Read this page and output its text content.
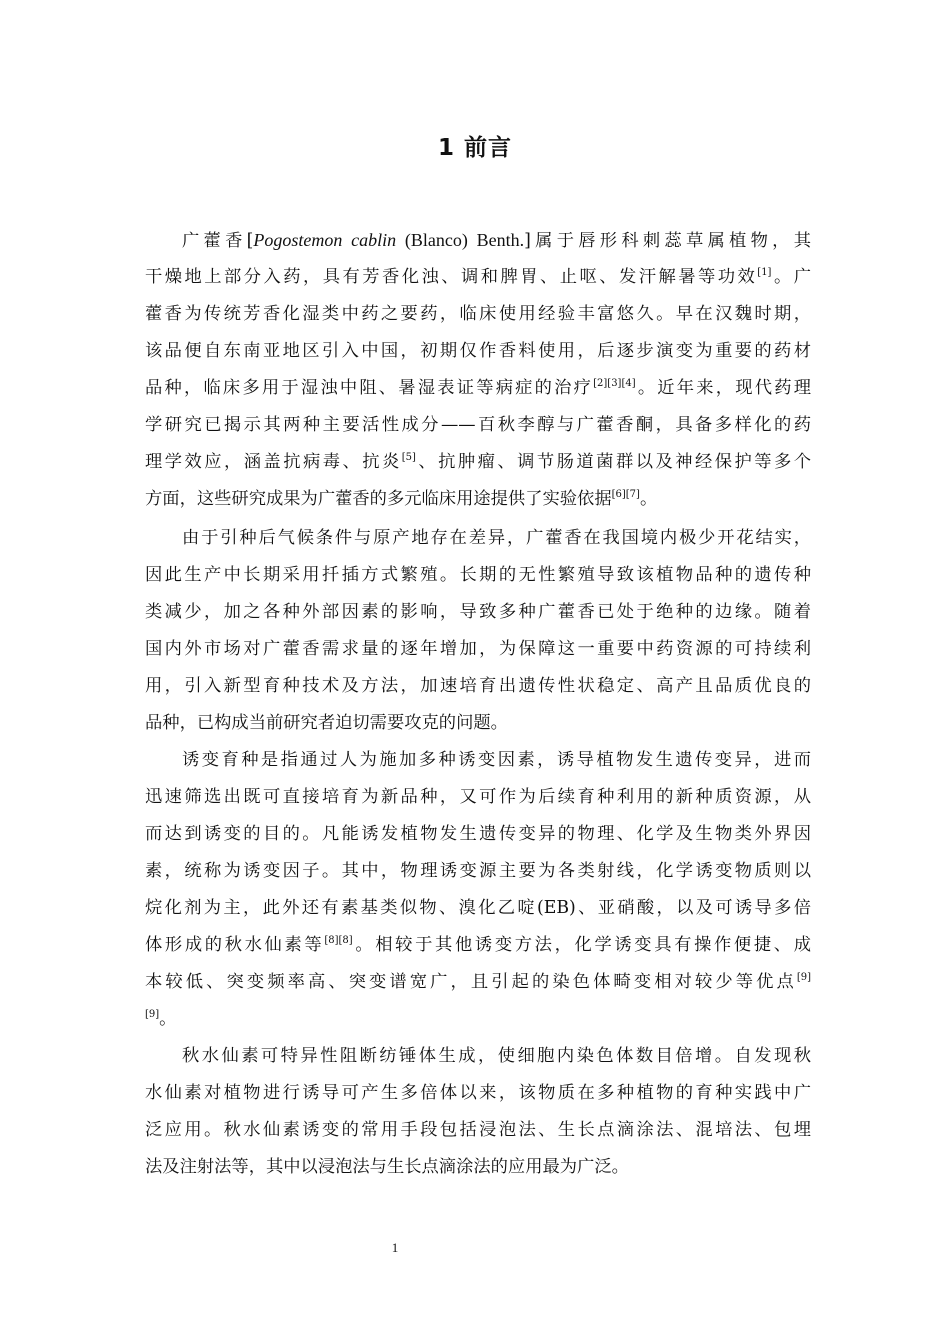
1 前言
广藿香[Pogostemon cablin (Blanco) Benth.]属于唇形科刺蕊草属植物，其
干燥地上部分入药，具有芳香化浊、调和脾胃、止呕、发汗解暑等功效[1]。广
藿香为传统芳香化湿类中药之要药，临床使用经验丰富悠久。早在汉魏时期，
该品便自东南亚地区引入中国，初期仅作香料使用，后逐步演变为重要的药材
品种，临床多用于湿浊中阻、暑湿表证等病症的治疗[2][3][4]。近年来，现代药理
学研究已揭示其两种主要活性成分——百秋李醇与广藿香酮，具备多样化的药
理学效应，涵盖抗病毒、抗炎[5]、抗肿瘤、调节肠道菌群以及神经保护等多个
方面，这些研究成果为广藿香的多元临床用途提供了实验依据[6][7]。
由于引种后气候条件与原产地存在差异，广藿香在我国境内极少开花结实，
因此生产中长期采用扦插方式繁殖。长期的无性繁殖导致该植物品种的遗传种
类减少，加之各种外部因素的影响，导致多种广藿香已处于绝种的边缘。随着
国内外市场对广藿香需求量的逐年增加，为保障这一重要中药资源的可持续利
用，引入新型育种技术及方法，加速培育出遗传性状稳定、高产且品质优良的
品种，已构成当前研究者迫切需要攻克的问题。
诱变育种是指通过人为施加多种诱变因素，诱导植物发生遗传变异，进而
迅速筛选出既可直接培育为新品种，又可作为后续育种利用的新种质资源，从
而达到诱变的目的。凡能诱发植物发生遗传变异的物理、化学及生物类外界因
素，统称为诱变因子。其中，物理诱变源主要为各类射线，化学诱变物质则以
烷化剂为主，此外还有素基类似物、溴化乙啶(EB)、亚硝酸，以及可诱导多倍
体形成的秋水仙素等[8][8]。相较于其他诱变方法，化学诱变具有操作便捷、成
本较低、突变频率高、突变谱宽广，且引起的染色体畸变相对较少等优点[9]
[9]。
秋水仙素可特异性阻断纺锤体生成，使细胞内染色体数目倍增。自发现秋
水仙素对植物进行诱导可产生多倍体以来，该物质在多种植物的育种实践中广
泛应用。秋水仙素诱变的常用手段包括浸泡法、生长点滴涂法、混培法、包埋
法及注射法等，其中以浸泡法与生长点滴涂法的应用最为广泛。
1
